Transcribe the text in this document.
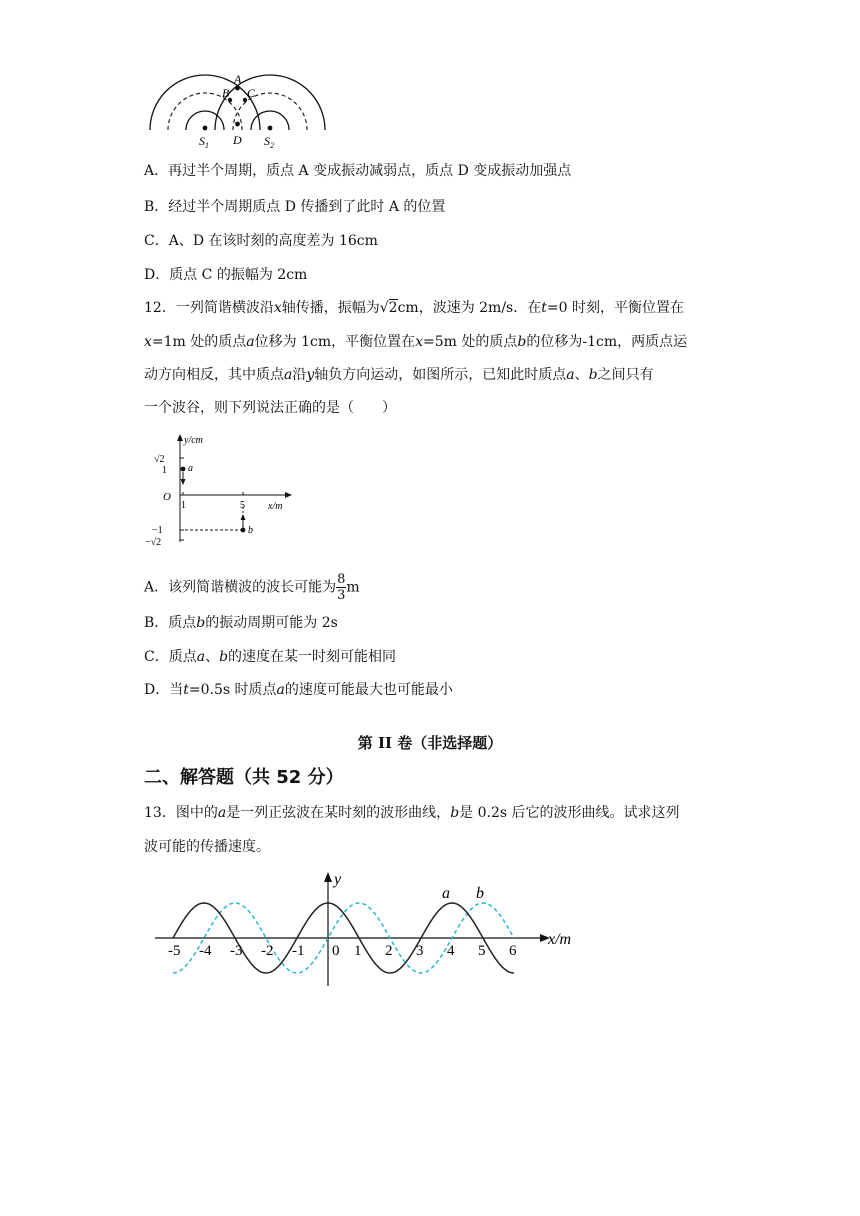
A
B C
D
$S_1$	$S_2$
A．再过半个周期，质点 A 变成振动减弱点，质点 D 变成振动加强点
B．经过半个周期质点 D 传播到了此时 A 的位置
C．A、D 在该时刻的高度差为 16cm
D．质点 C 的振幅为 2cm
12．一列简谐横波沿x轴传播，振幅为√2cm，波速为 2m/s．在t=0 时刻，平衡位置在
x=1m 处的质点a位移为 1cm，平衡位置在x=5m 处的质点b的位移为-1cm，两质点运
动方向相反，其中质点a沿y轴负方向运动，如图所示，已知此时质点a、b之间只有
一个波谷，则下列说法正确的是（　　）
y/cm
x/m
√2
1
O
−1
−√2
1	5
a
b
A．该列简谐横波的波长可能为 $\frac{8}{3}$ m
B．质点b的振动周期可能为 2s
C．质点a、b的速度在某一时刻可能相同
D．当t=0.5s 时质点a的速度可能最大也可能最小
第 II 卷（非选择题）
二、解答题（共 52 分）
13．图中的a是一列正弦波在某时刻的波形曲线，b是 0.2s 后它的波形曲线。试求这列
波可能的传播速度。
-5 -4 -3 -2 -1 0 1 2 3 4 5 6
y
x/m
a b
